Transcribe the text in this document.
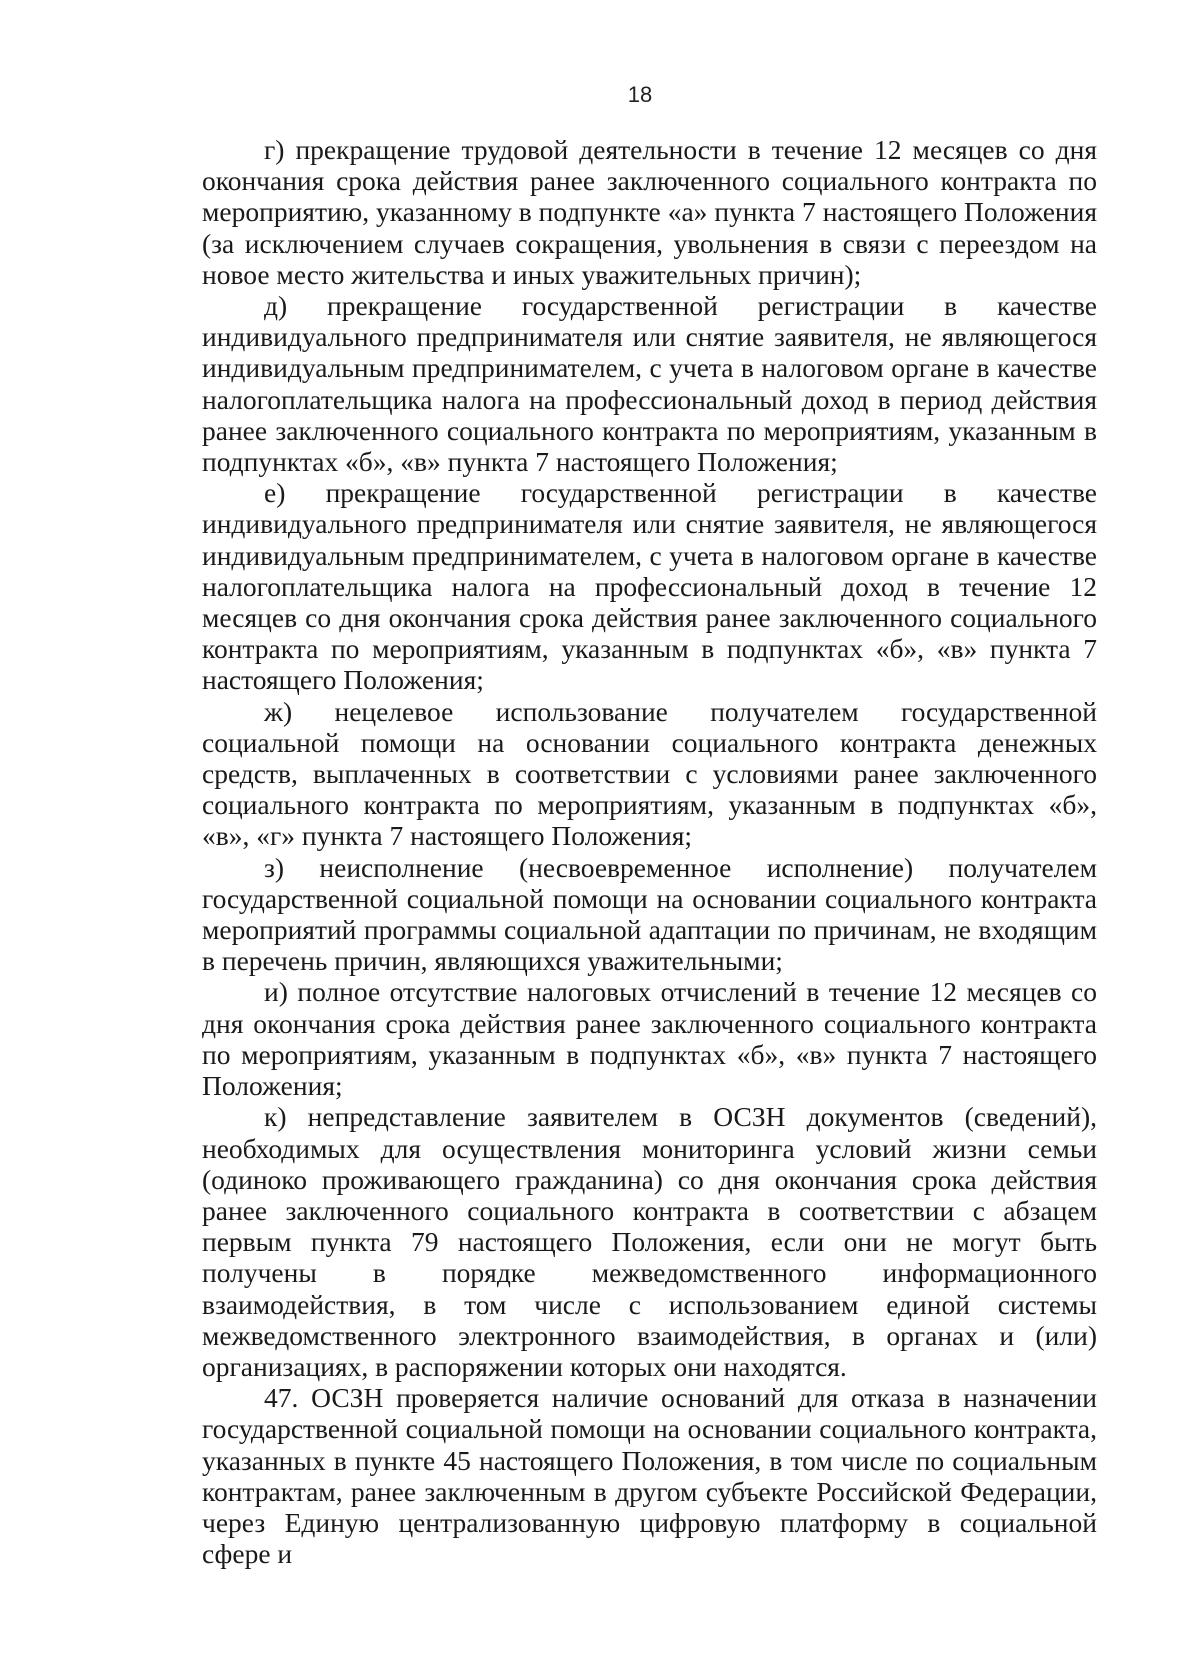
18

г) прекращение трудовой деятельности в течение 12 месяцев со дня окончания срока действия ранее заключенного социального контракта по мероприятию, указанному в подпункте «а» пункта 7 настоящего Положения (за исключением случаев сокращения, увольнения в связи с переездом на новое место жительства и иных уважительных причин);

д) прекращение государственной регистрации в качестве индивидуального предпринимателя или снятие заявителя, не являющегося индивидуальным предпринимателем, с учета в налоговом органе в качестве налогоплательщика налога на профессиональный доход в период действия ранее заключенного социального контракта по мероприятиям, указанным в подпунктах «б», «в» пункта 7 настоящего Положения;

е) прекращение государственной регистрации в качестве индивидуального предпринимателя или снятие заявителя, не являющегося индивидуальным предпринимателем, с учета в налоговом органе в качестве налогоплательщика налога на профессиональный доход в течение 12 месяцев со дня окончания срока действия ранее заключенного социального контракта по мероприятиям, указанным в подпунктах «б», «в» пункта 7 настоящего Положения;

ж) нецелевое использование получателем государственной социальной помощи на основании социального контракта денежных средств, выплаченных в соответствии с условиями ранее заключенного социального контракта по мероприятиям, указанным в подпунктах «б», «в», «г» пункта 7 настоящего Положения;

з) неисполнение (несвоевременное исполнение) получателем государственной социальной помощи на основании социального контракта мероприятий программы социальной адаптации по причинам, не входящим в перечень причин, являющихся уважительными;

и) полное отсутствие налоговых отчислений в течение 12 месяцев со дня окончания срока действия ранее заключенного социального контракта по мероприятиям, указанным в подпунктах «б», «в» пункта 7 настоящего Положения;

к) непредставление заявителем в ОСЗН документов (сведений), необходимых для осуществления мониторинга условий жизни семьи (одиноко проживающего гражданина) со дня окончания срока действия ранее заключенного социального контракта в соответствии с абзацем первым пункта 79 настоящего Положения, если они не могут быть получены в порядке межведомственного информационного взаимодействия, в том числе с использованием единой системы межведомственного электронного взаимодействия, в органах и (или) организациях, в распоряжении которых они находятся.

47. ОСЗН проверяется наличие оснований для отказа в назначении государственной социальной помощи на основании социального контракта, указанных в пункте 45 настоящего Положения, в том числе по социальным контрактам, ранее заключенным в другом субъекте Российской Федерации, через Единую централизованную цифровую платформу в социальной сфере и
